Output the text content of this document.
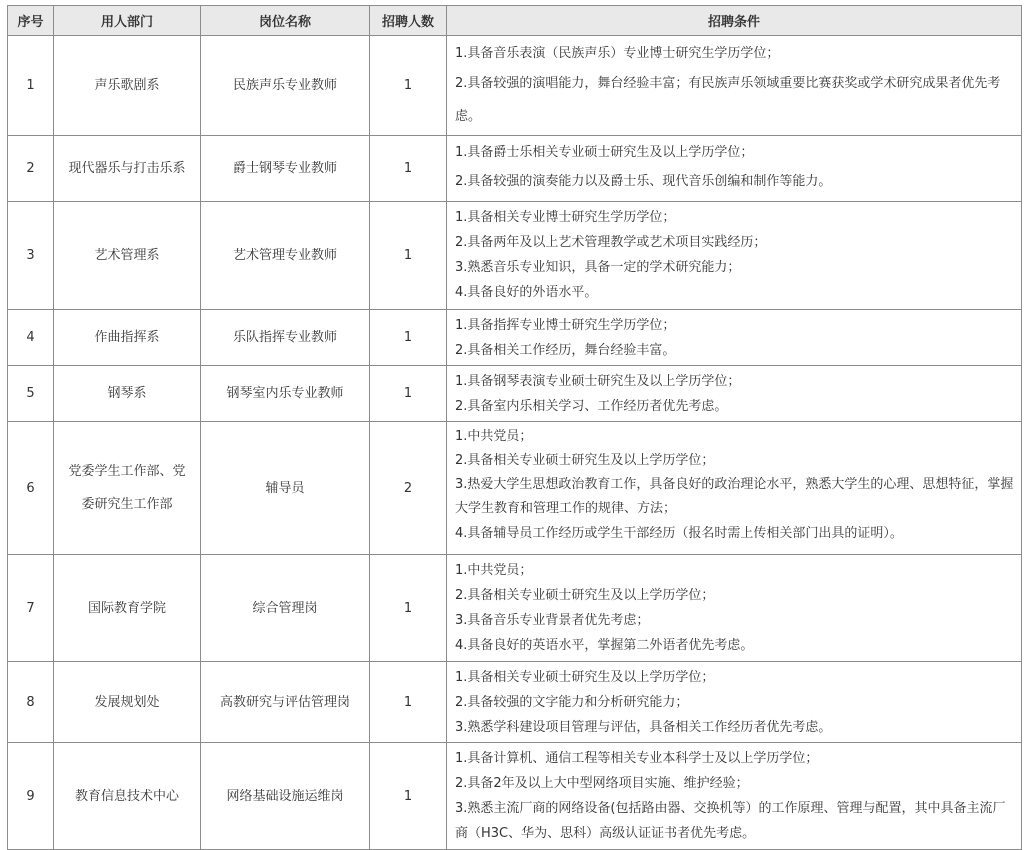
序号	用人部门	岗位名称	招聘人数	招聘条件
1	声乐歌剧系	民族声乐专业教师	1	1.具备音乐表演（民族声乐）专业博士研究生学历学位；
2.具备较强的演唱能力，舞台经验丰富；有民族声乐领域重要比赛获奖或学术研究成果者优先考虑。

2	现代器乐与打击乐系	爵士钢琴专业教师	1	1.具备爵士乐相关专业硕士研究生及以上学历学位；
2.具备较强的演奏能力以及爵士乐、现代音乐创编和制作等能力。

3	艺术管理系	艺术管理专业教师	1	1.具备相关专业博士研究生学历学位；
2.具备两年及以上艺术管理教学或艺术项目实践经历；
3.熟悉音乐专业知识，具备一定的学术研究能力；
4.具备良好的外语水平。

4	作曲指挥系	乐队指挥专业教师	1	1.具备指挥专业博士研究生学历学位；
2.具备相关工作经历，舞台经验丰富。

5	钢琴系	钢琴室内乐专业教师	1	1.具备钢琴表演专业硕士研究生及以上学历学位；
2.具备室内乐相关学习、工作经历者优先考虑。

6	党委学生工作部、党委研究生工作部	辅导员	2	1.中共党员；
2.具备相关专业硕士研究生及以上学历学位；
3.热爱大学生思想政治教育工作，具备良好的政治理论水平，熟悉大学生的心理、思想特征，掌握大学生教育和管理工作的规律、方法；
4.具备辅导员工作经历或学生干部经历（报名时需上传相关部门出具的证明）。

7	国际教育学院	综合管理岗	1	1.中共党员；
2.具备相关专业硕士研究生及以上学历学位；
3.具备音乐专业背景者优先考虑；
4.具备良好的英语水平，掌握第二外语者优先考虑。

8	发展规划处	高教研究与评估管理岗	1	1.具备相关专业硕士研究生及以上学历学位；
2.具备较强的文字能力和分析研究能力；
3.熟悉学科建设项目管理与评估，具备相关工作经历者优先考虑。

9	教育信息技术中心	网络基础设施运维岗	1	1.具备计算机、通信工程等相关专业本科学士及以上学历学位；
2.具备2年及以上大中型网络项目实施、维护经验；
3.熟悉主流厂商的网络设备(包括路由器、交换机等）的工作原理、管理与配置，其中具备主流厂商（H3C、华为、思科）高级认证证书者优先考虑。
